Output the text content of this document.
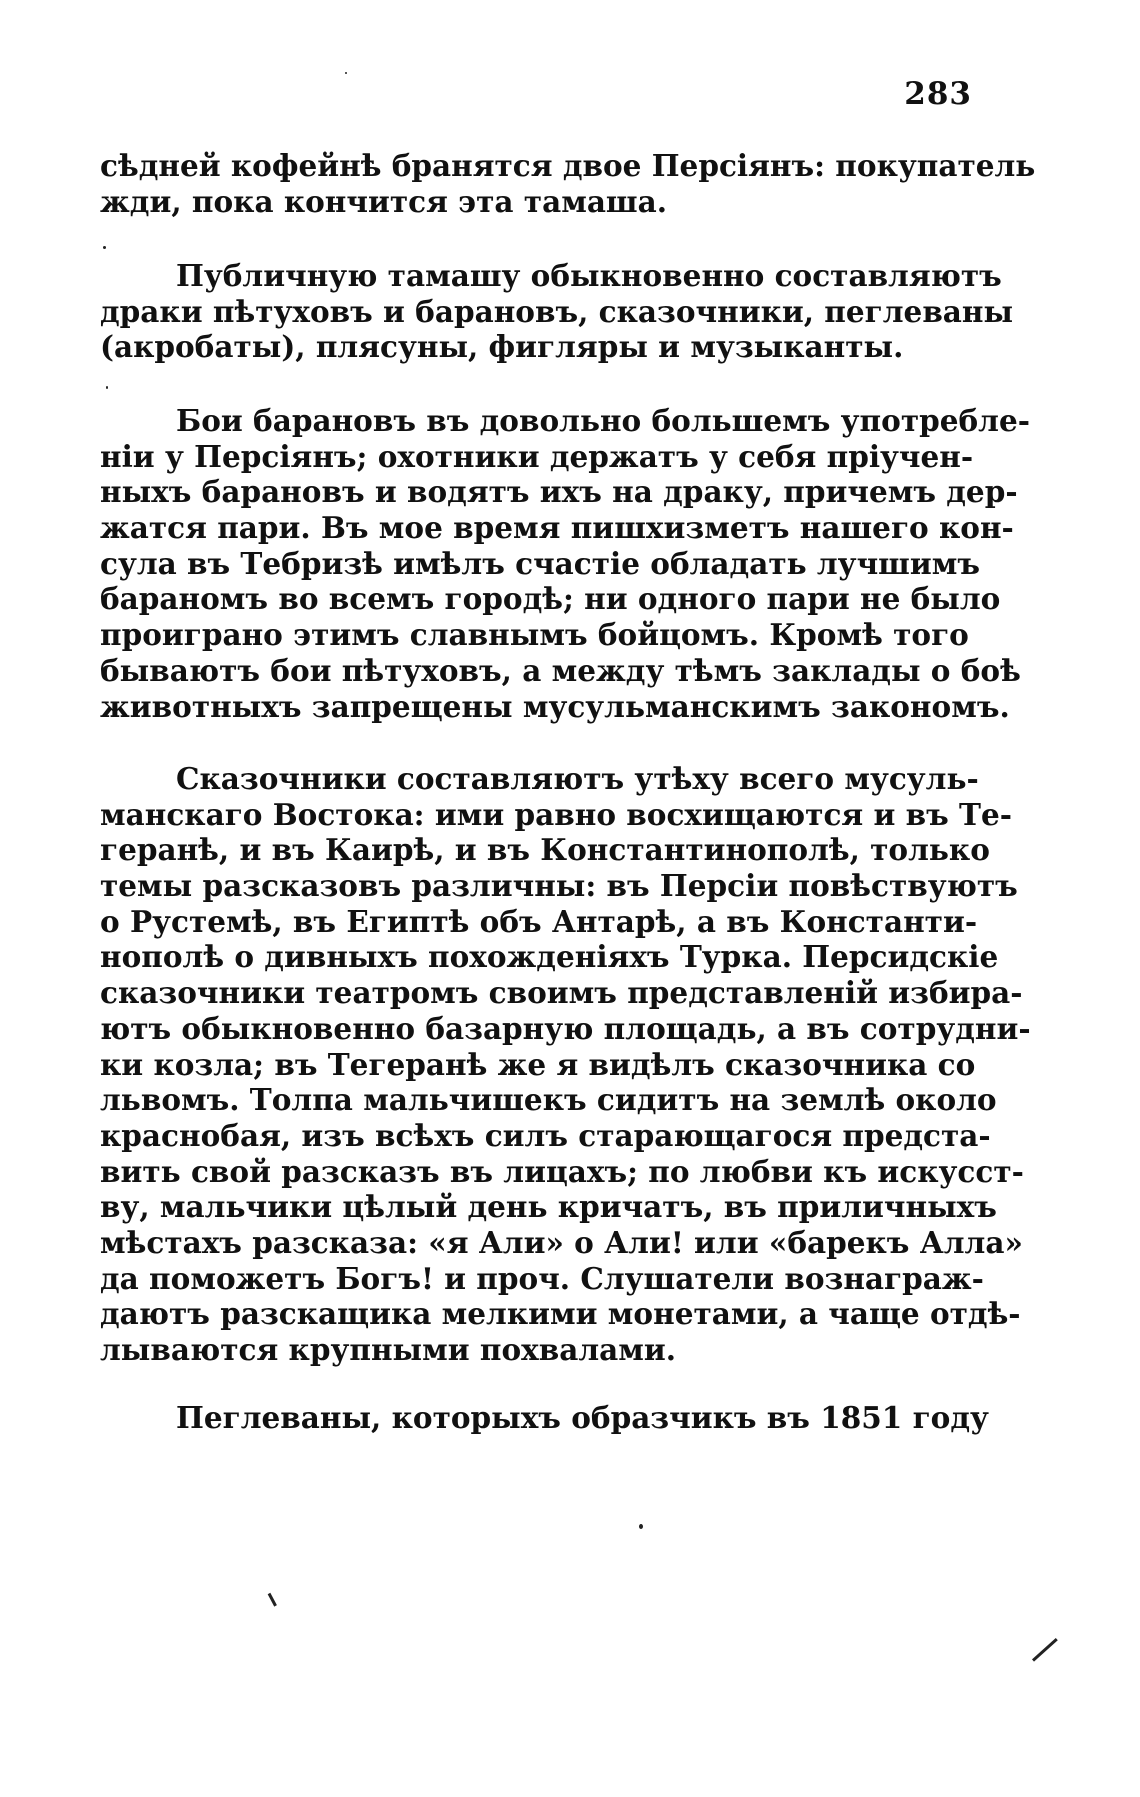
283
сѣдней кофейнѣ бранятся двое Персіянъ: покупатель
жди, пока кончится эта тамаша.
Публичную тамашу обыкновенно составляютъ
драки пѣтуховъ и барановъ, сказочники, пеглеваны
(акробаты), плясуны, фигляры и музыканты.
Бои барановъ въ довольно большемъ употребле-
нiи у Персіянъ; охотники держатъ у себя пріучен-
ныхъ барановъ и водятъ ихъ на драку, причемъ дер-
жатся пари. Въ мое время пишхизметъ нашего кон-
сула въ Тебризѣ имѣлъ счастіе обладать лучшимъ
бараномъ во всемъ городѣ; ни одного пари не было
проиграно этимъ славнымъ бойцомъ. Кромѣ того
бываютъ бои пѣтуховъ, а между тѣмъ заклады о боѣ
животныхъ запрещены мусульманскимъ закономъ.
Сказочники составляютъ утѣху всего мусуль-
манскаго Востока: ими равно восхищаются и въ Те-
геранѣ, и въ Каирѣ, и въ Константинополѣ, только
темы разсказовъ различны: въ Персіи повѣствуютъ
о Рустемѣ, въ Египтѣ объ Антарѣ, а въ Константи-
нополѣ о дивныхъ похожденіяхъ Турка. Персидскіе
сказочники театромъ своимъ представленій избира-
ютъ обыкновенно базарную площадь, а въ сотрудни-
ки козла; въ Тегеранѣ же я видѣлъ сказочника со
львомъ. Толпа мальчишекъ сидитъ на землѣ около
краснобая, изъ всѣхъ силъ старающагося предста-
вить свой разсказъ въ лицахъ; по любви къ искусст-
ву, мальчики цѣлый день кричатъ, въ приличныхъ
мѣстахъ разсказа: «я Али» о Али! или «барекъ Алла»
да поможетъ Богъ! и проч. Слушатели вознаграж-
даютъ разскащика мелкими монетами, а чаще отдѣ-
лываются крупными похвалами.
Пеглеваны, которыхъ образчикъ въ 1851 году
